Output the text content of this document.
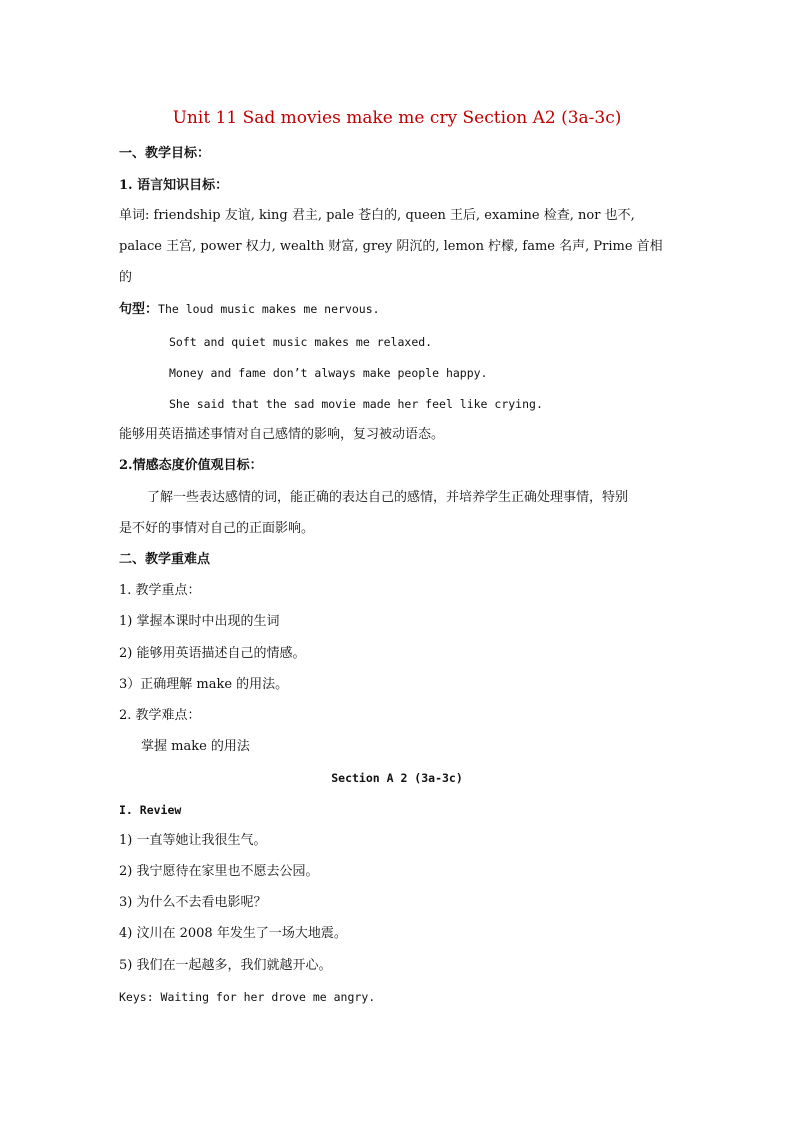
Unit 11 Sad movies make me cry Section A2 (3a-3c)
一、教学目标：
1. 语言知识目标：
单词: friendship 友谊, king 君主, pale 苍白的, queen 王后, examine 检查, nor 也不,
palace 王宫, power 权力, wealth 财富, grey 阴沉的, lemon 柠檬, fame 名声, Prime 首相
的
句型：The loud music makes me nervous.
Soft and quiet music makes me relaxed.
Money and fame don’t always make people happy.
She said that the sad movie made her feel like crying.
能够用英语描述事情对自己感情的影响，复习被动语态。
2.情感态度价值观目标：
了解一些表达感情的词，能正确的表达自己的感情，并培养学生正确处理事情，特别
是不好的事情对自己的正面影响。
二、教学重难点
1. 教学重点：
1) 掌握本课时中出现的生词
2) 能够用英语描述自己的情感。
3）正确理解 make 的用法。
2. 教学难点：
掌握 make 的用法
Section A 2 (3a-3c)
I. Review
1) 一直等她让我很生气。
2) 我宁愿待在家里也不愿去公园。
3) 为什么不去看电影呢？
4) 汶川在 2008 年发生了一场大地震。
5) 我们在一起越多，我们就越开心。
Keys: Waiting for her drove me angry.
